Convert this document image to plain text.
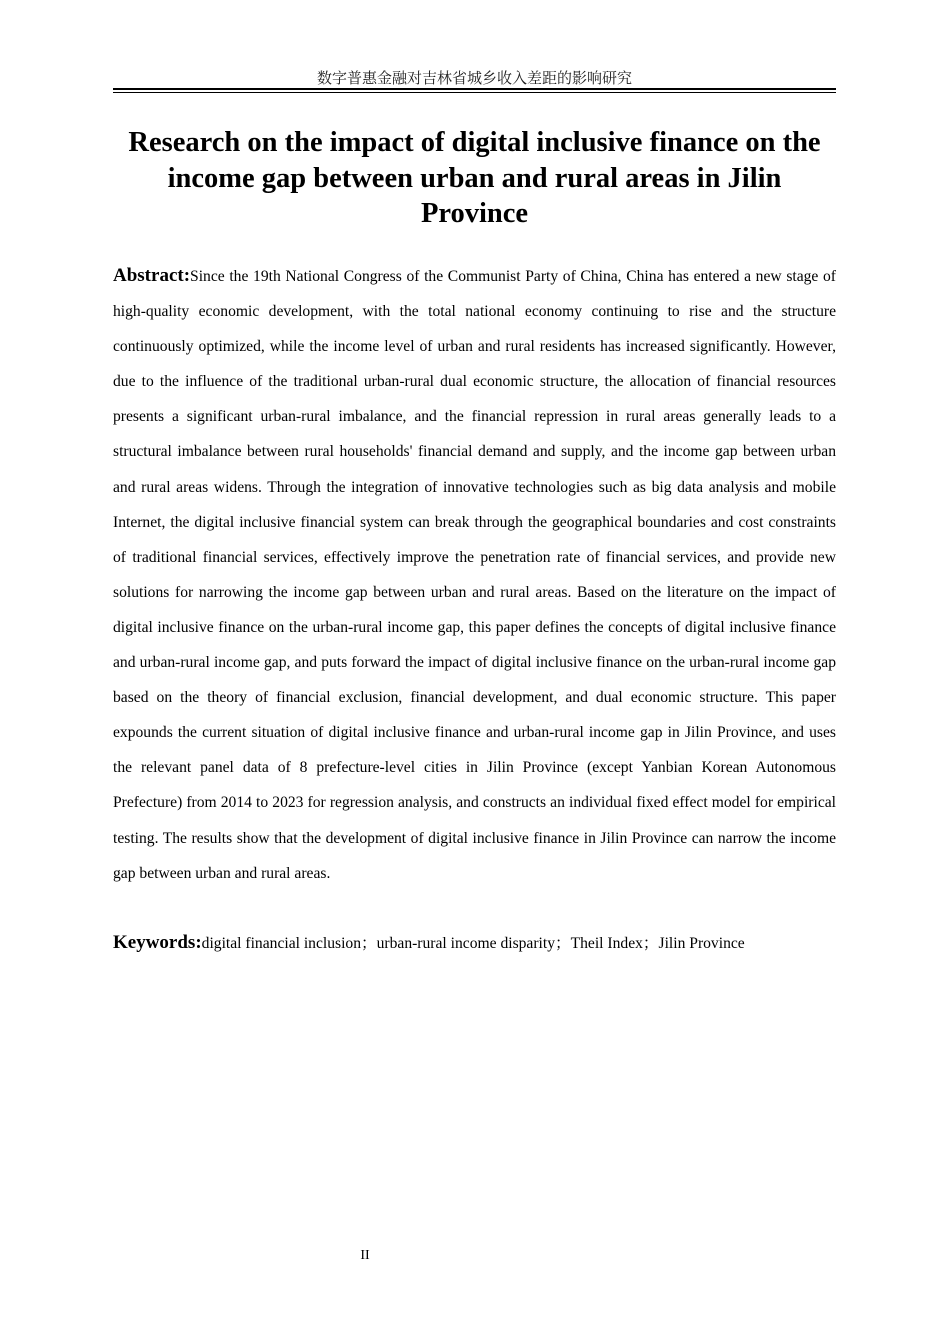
数字普惠金融对吉林省城乡收入差距的影响研究
Research on the impact of digital inclusive finance on the income gap between urban and rural areas in Jilin Province

Abstract:Since the 19th National Congress of the Communist Party of China, China has entered a new stage of high-quality economic development, with the total national economy continuing to rise and the structure continuously optimized, while the income level of urban and rural residents has increased significantly. However, due to the influence of the traditional urban-rural dual economic structure, the allocation of financial resources presents a significant urban-rural imbalance, and the financial repression in rural areas generally leads to a structural imbalance between rural households' financial demand and supply, and the income gap between urban and rural areas widens. Through the integration of innovative technologies such as big data analysis and mobile Internet, the digital inclusive financial system can break through the geographical boundaries and cost constraints of traditional financial services, effectively improve the penetration rate of financial services, and provide new solutions for narrowing the income gap between urban and rural areas. Based on the literature on the impact of digital inclusive finance on the urban-rural income gap, this paper defines the concepts of digital inclusive finance and urban-rural income gap, and puts forward the impact of digital inclusive finance on the urban-rural income gap based on the theory of financial exclusion, financial development, and dual economic structure. This paper expounds the current situation of digital inclusive finance and urban-rural income gap in Jilin Province, and uses the relevant panel data of 8 prefecture-level cities in Jilin Province (except Yanbian Korean Autonomous Prefecture) from 2014 to 2023 for regression analysis, and constructs an individual fixed effect model for empirical testing. The results show that the development of digital inclusive finance in Jilin Province can narrow the income gap between urban and rural areas.

Keywords:digital financial inclusion；urban-rural income disparity；Theil Index；Jilin Province

II
